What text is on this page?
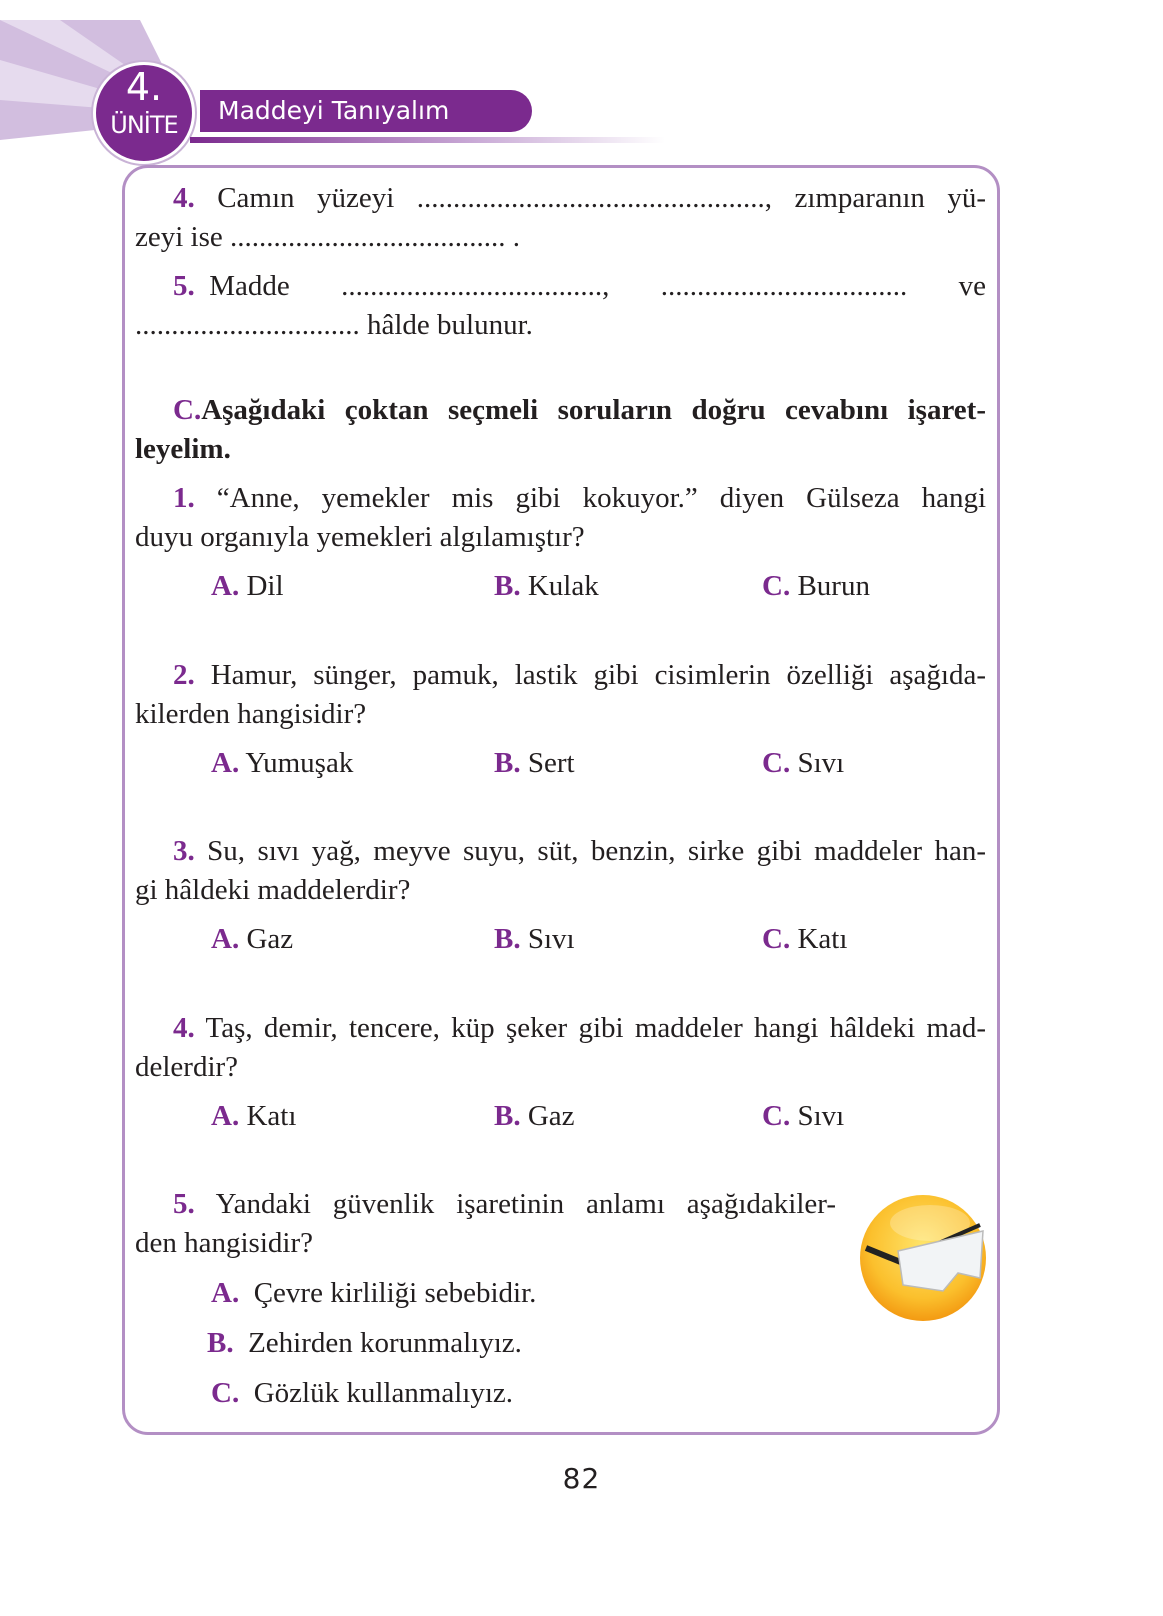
4.
ÜNİTE	Maddeyi Tanıyalım
4. Camın yüzeyi ................................................, zımparanın yü-
zeyi ise ...................................... .
5. Madde ...................................., .................................. ve
............................... hâlde bulunur.
C.Aşağıdaki çoktan seçmeli soruların doğru cevabını işaret-
leyelim.
1. “Anne, yemekler mis gibi kokuyor.” diyen Gülseza hangi
duyu organıyla yemekleri algılamıştır?
A. Dil	B. Kulak	C. Burun
2. Hamur, sünger, pamuk, lastik gibi cisimlerin özelliği aşağıda-
kilerden hangisidir?
A. Yumuşak	B. Sert	C. Sıvı
3. Su, sıvı yağ, meyve suyu, süt, benzin, sirke gibi maddeler han-
gi hâldeki maddelerdir?
A. Gaz	B. Sıvı	C. Katı
4. Taş, demir, tencere, küp şeker gibi maddeler hangi hâldeki mad-
delerdir?
A. Katı	B. Gaz	C. Sıvı
5. Yandaki güvenlik işaretinin anlamı aşağıdakiler-
den hangisidir?
A. Çevre kirliliği sebebidir.
B. Zehirden korunmalıyız.
C. Gözlük kullanmalıyız.
82
